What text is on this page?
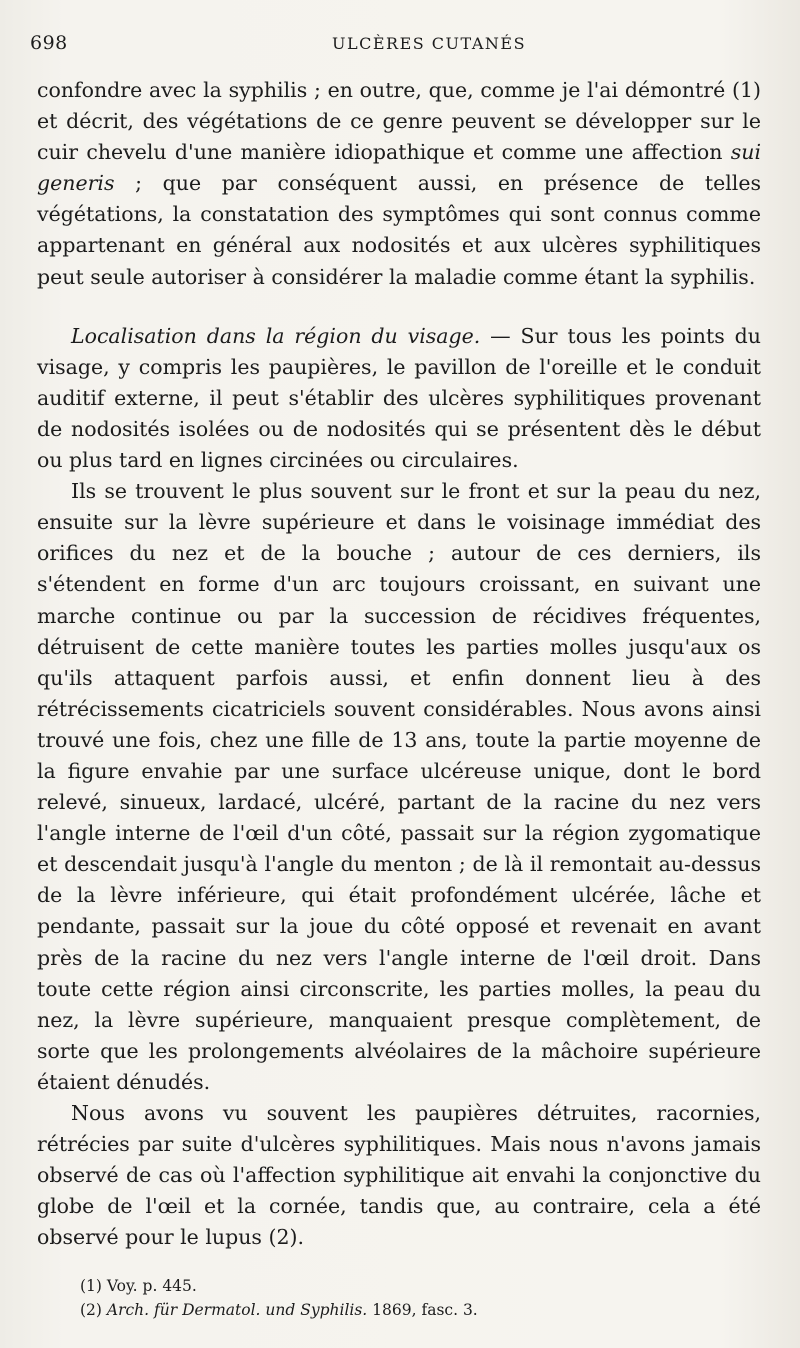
698	ULCÈRES CUTANÉS

confondre avec la syphilis ; en outre, que, comme je l'ai démontré (1) et décrit, des végétations de ce genre peuvent se développer sur le cuir chevelu d'une manière idiopathique et comme une affection sui generis ; que par conséquent aussi, en présence de telles végétations, la constatation des symptômes qui sont connus comme appartenant en général aux nodosités et aux ulcères syphilitiques peut seule autoriser à considérer la maladie comme étant la syphilis.

Localisation dans la région du visage. — Sur tous les points du visage, y compris les paupières, le pavillon de l'oreille et le conduit auditif externe, il peut s'établir des ulcères syphilitiques provenant de nodosités isolées ou de nodosités qui se présentent dès le début ou plus tard en lignes circinées ou circulaires.

Ils se trouvent le plus souvent sur le front et sur la peau du nez, ensuite sur la lèvre supérieure et dans le voisinage immédiat des orifices du nez et de la bouche ; autour de ces derniers, ils s'étendent en forme d'un arc toujours croissant, en suivant une marche continue ou par la succession de récidives fréquentes, détruisent de cette manière toutes les parties molles jusqu'aux os qu'ils attaquent parfois aussi, et enfin donnent lieu à des rétrécissements cicatriciels souvent considérables. Nous avons ainsi trouvé une fois, chez une fille de 13 ans, toute la partie moyenne de la figure envahie par une surface ulcéreuse unique, dont le bord relevé, sinueux, lardacé, ulcéré, partant de la racine du nez vers l'angle interne de l'œil d'un côté, passait sur la région zygomatique et descendait jusqu'à l'angle du menton ; de là il remontait au-dessus de la lèvre inférieure, qui était profondément ulcérée, lâche et pendante, passait sur la joue du côté opposé et revenait en avant près de la racine du nez vers l'angle interne de l'œil droit. Dans toute cette région ainsi circonscrite, les parties molles, la peau du nez, la lèvre supérieure, manquaient presque complètement, de sorte que les prolongements alvéolaires de la mâchoire supérieure étaient dénudés.

Nous avons vu souvent les paupières détruites, racornies, rétrécies par suite d'ulcères syphilitiques. Mais nous n'avons jamais observé de cas où l'affection syphilitique ait envahi la conjonctive du globe de l'œil et la cornée, tandis que, au contraire, cela a été observé pour le lupus (2).

(1) Voy. p. 445.
(2) Arch. für Dermatol. und Syphilis. 1869, fasc. 3.
